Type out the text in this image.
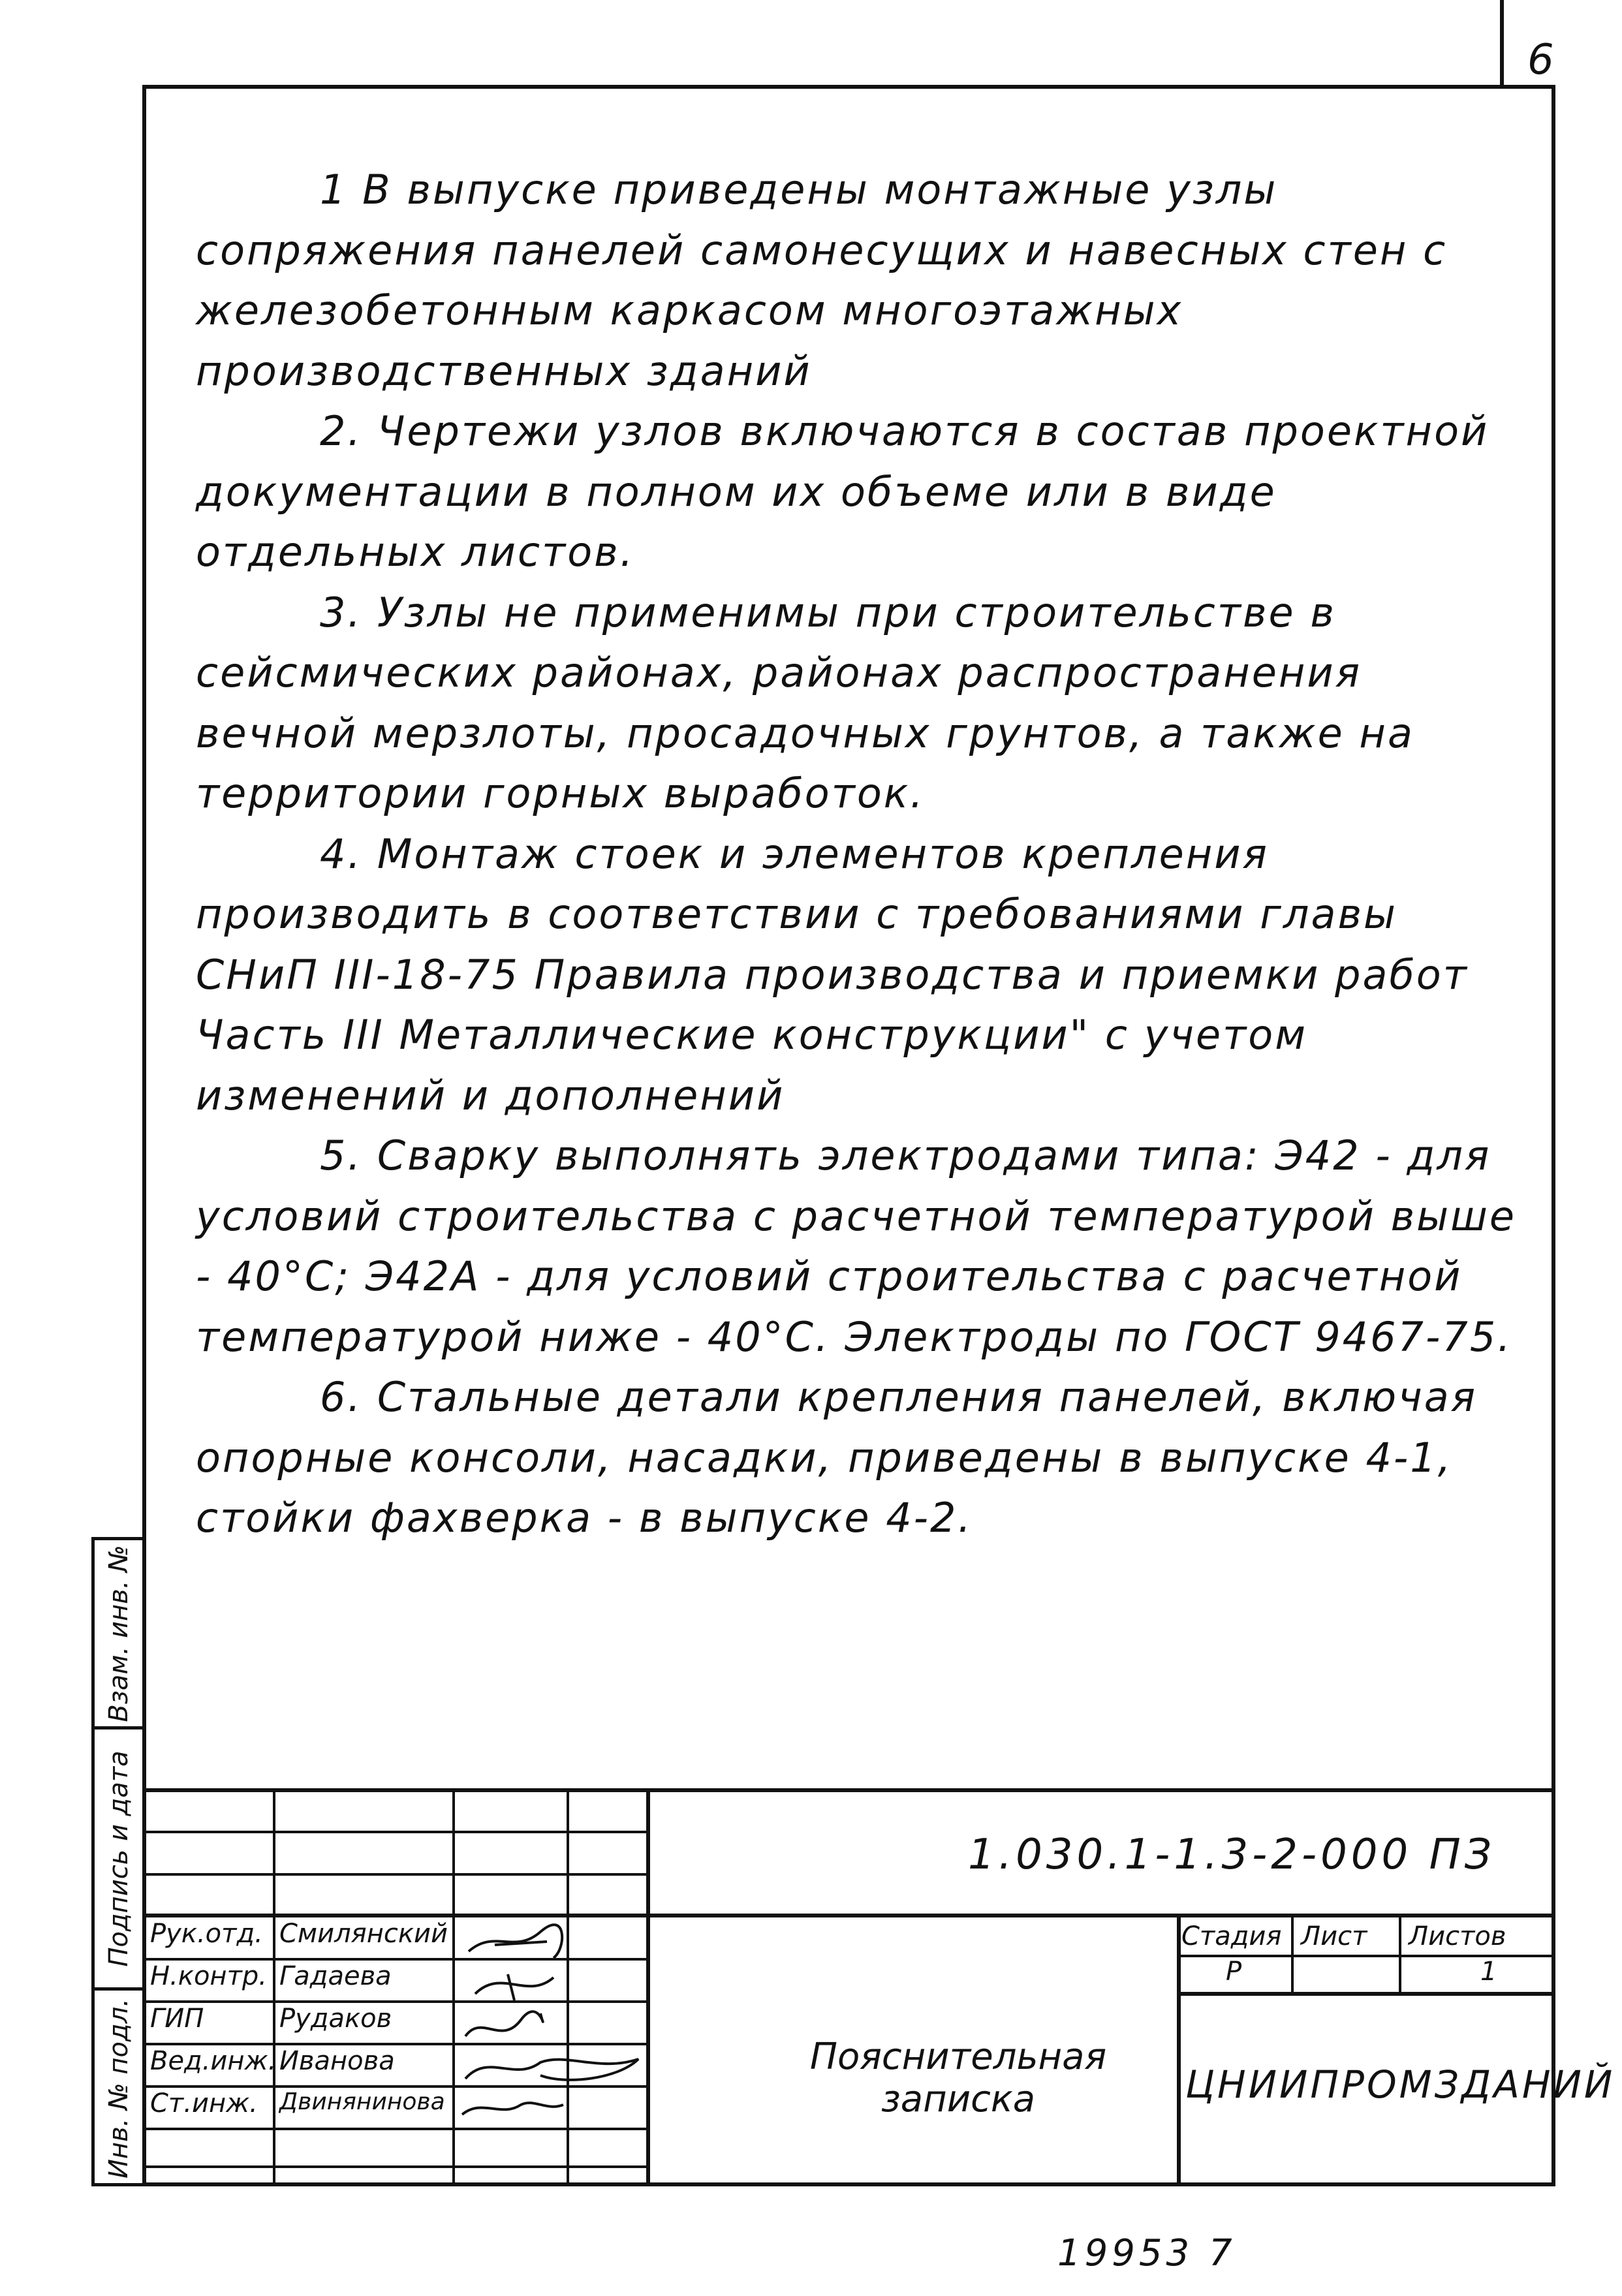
6

1 В выпуске приведены монтажные узлы сопряжения панелей самонесущих и навесных стен с железобетонным каркасом многоэтажных производственных зданий

2. Чертежи узлов включаются в состав проектной документации в полном их объеме или в виде отдельных листов.

3. Узлы не применимы при строительстве в сейсмических районах, районах распространения вечной мерзлоты, просадочных грунтов, а также на территории горных выработок.

4. Монтаж стоек и элементов крепления производить в соответствии с требованиями главы СНиП III-18-75 Правила производства и приемки работ Часть III Металлические конструкции" с учетом изменений и дополнений

5. Сварку выполнять электродами типа: Э42 - для условий строительства с расчетной температурой выше - 40°С; Э42А - для условий строительства с расчетной температурой ниже - 40°С. Электроды по ГОСТ 9467-75.

6. Стальные детали крепления панелей, включая опорные консоли, насадки, приведены в выпуске 4-1, стойки фахверка - в выпуске 4-2.

Взам. инв. №
Подпись и дата
Инв. № подл.
1.030.1-1.3-2-000 ПЗ
Рук.отд. Смилянский
Н.контр. Гадаева
ГИП	Рудаков
Вед.инж. Иванова
Ст.инж. Двинянинова
Пояснительная
записка
Стадия Лист Листов
Р	1
ЦНИИПРОМЗДАНИЙ
19953 7
